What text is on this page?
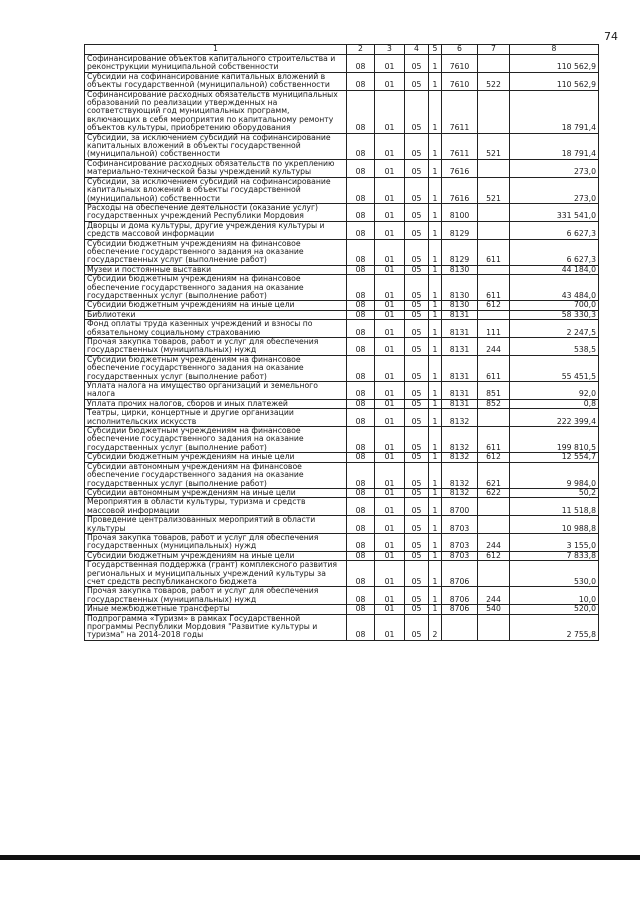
74
1	2	3	4	5	6	7	8
Софинансирование объектов капитального строительства и реконструкции муниципальной собственности	08	01	05	1	7610		110 562,9
Субсидии на софинансирование капитальных вложений в объекты государственной (муниципальной) собственности	08	01	05	1	7610	522	110 562,9
Софинансирование расходных обязательств муниципальных образований по реализации утвержденных на соответствующий год муниципальных программ, включающих в себя мероприятия по капитальному ремонту объектов культуры, приобретению оборудования	08	01	05	1	7611		18 791,4
Субсидии, за исключением субсидий на софинансирование капитальных вложений в объекты государственной (муниципальной) собственности	08	01	05	1	7611	521	18 791,4
Софинансирование расходных обязательств по укреплению материально-технической базы учреждений культуры	08	01	05	1	7616		273,0
Субсидии, за исключением субсидий на софинансирование капитальных вложений в объекты государственной (муниципальной) собственности	08	01	05	1	7616	521	273,0
Расходы на обеспечение деятельности (оказание услуг) государственных учреждений Республики Мордовия	08	01	05	1	8100		331 541,0
Дворцы и дома культуры, другие учреждения культуры и средств массовой информации	08	01	05	1	8129		6 627,3
Субсидии бюджетным учреждениям на финансовое обеспечение государственного задания на оказание государственных услуг (выполнение работ)	08	01	05	1	8129	611	6 627,3
Музеи и постоянные выставки	08	01	05	1	8130		44 184,0
Субсидии бюджетным учреждениям на финансовое обеспечение государственного задания на оказание государственных услуг (выполнение работ)	08	01	05	1	8130	611	43 484,0
Субсидии бюджетным учреждениям на иные цели	08	01	05	1	8130	612	700,0
Библиотеки	08	01	05	1	8131		58 330,3
Фонд оплаты труда казенных учреждений и взносы по обязательному социальному страхованию	08	01	05	1	8131	111	2 247,5
Прочая закупка товаров, работ и услуг для обеспечения государственных (муниципальных) нужд	08	01	05	1	8131	244	538,5
Субсидии бюджетным учреждениям на финансовое обеспечение государственного задания на оказание государственных услуг (выполнение работ)	08	01	05	1	8131	611	55 451,5
Уплата налога на имущество организаций и земельного налога	08	01	05	1	8131	851	92,0
Уплата прочих налогов, сборов и иных платежей	08	01	05	1	8131	852	0,8
Театры, цирки, концертные и другие организации исполнительских искусств	08	01	05	1	8132		222 399,4
Субсидии бюджетным учреждениям на финансовое обеспечение государственного задания на оказание государственных услуг (выполнение работ)	08	01	05	1	8132	611	199 810,5
Субсидии бюджетным учреждениям на иные цели	08	01	05	1	8132	612	12 554,7
Субсидии автономным учреждениям на финансовое обеспечение государственного задания на оказание государственных услуг (выполнение работ)	08	01	05	1	8132	621	9 984,0
Субсидии автономным учреждениям на иные цели	08	01	05	1	8132	622	50,2
Мероприятия в области культуры, туризма и средств массовой информации	08	01	05	1	8700		11 518,8
Проведение централизованных мероприятий в области культуры	08	01	05	1	8703		10 988,8
Прочая закупка товаров, работ и услуг для обеспечения государственных (муниципальных) нужд	08	01	05	1	8703	244	3 155,0
Субсидии бюджетным учреждениям на иные цели	08	01	05	1	8703	612	7 833,8
Государственная поддержка (грант) комплексного развития региональных и муниципальных учреждений культуры за счет средств республиканского бюджета	08	01	05	1	8706		530,0
Прочая закупка товаров, работ и услуг для обеспечения государственных (муниципальных) нужд	08	01	05	1	8706	244	10,0
Иные межбюджетные трансферты	08	01	05	1	8706	540	520,0
Подпрограмма «Туризм» в рамках Государственной программы Республики Мордовия "Развитие культуры и туризма" на 2014-2018 годы	08	01	05	2			2 755,8
